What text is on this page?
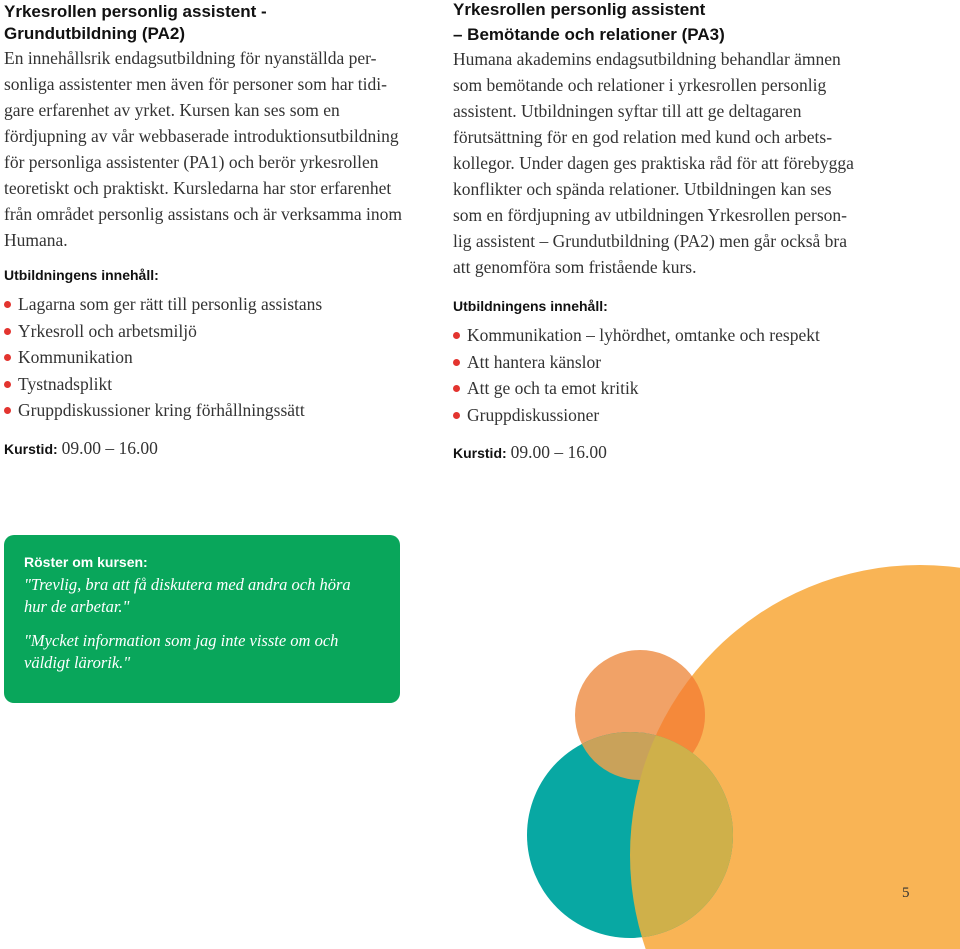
Yrkesrollen personlig assistent -
Grundutbildning (PA2)

En innehållsrik endagsutbildning för nyanställda per-
sonliga assistenter men även för personer som har tidi-
gare erfarenhet av yrket. Kursen kan ses som en
fördjupning av vår webbaserade introduktionsutbildning
för personliga assistenter (PA1) och berör yrkesrollen
teoretiskt och praktiskt. Kursledarna har stor erfarenhet
från området personlig assistans och är verksamma inom
Humana.

Utbildningens innehåll:

Lagarna som ger rätt till personlig assistans
Yrkesroll och arbetsmiljö
Kommunikation
Tystnadsplikt
Gruppdiskussioner kring förhållningssätt

Kurstid: 09.00 – 16.00

Yrkesrollen personlig assistent
– Bemötande och relationer (PA3)

Humana akademins endagsutbildning behandlar ämnen
som bemötande och relationer i yrkesrollen personlig
assistent. Utbildningen syftar till att ge deltagaren
förutsättning för en god relation med kund och arbets-
kollegor. Under dagen ges praktiska råd för att förebygga
konflikter och spända relationer. Utbildningen kan ses
som en fördjupning av utbildningen Yrkesrollen person-
lig assistent – Grundutbildning (PA2) men går också bra
att genomföra som fristående kurs.

Utbildningens innehåll:

Kommunikation – lyhördhet, omtanke och respekt
Att hantera känslor
Att ge och ta emot kritik
Gruppdiskussioner

Kurstid: 09.00 – 16.00

Röster om kursen:

"Trevlig, bra att få diskutera med andra och höra
hur de arbetar."

"Mycket information som jag inte visste om och
väldigt lärorik."

5
